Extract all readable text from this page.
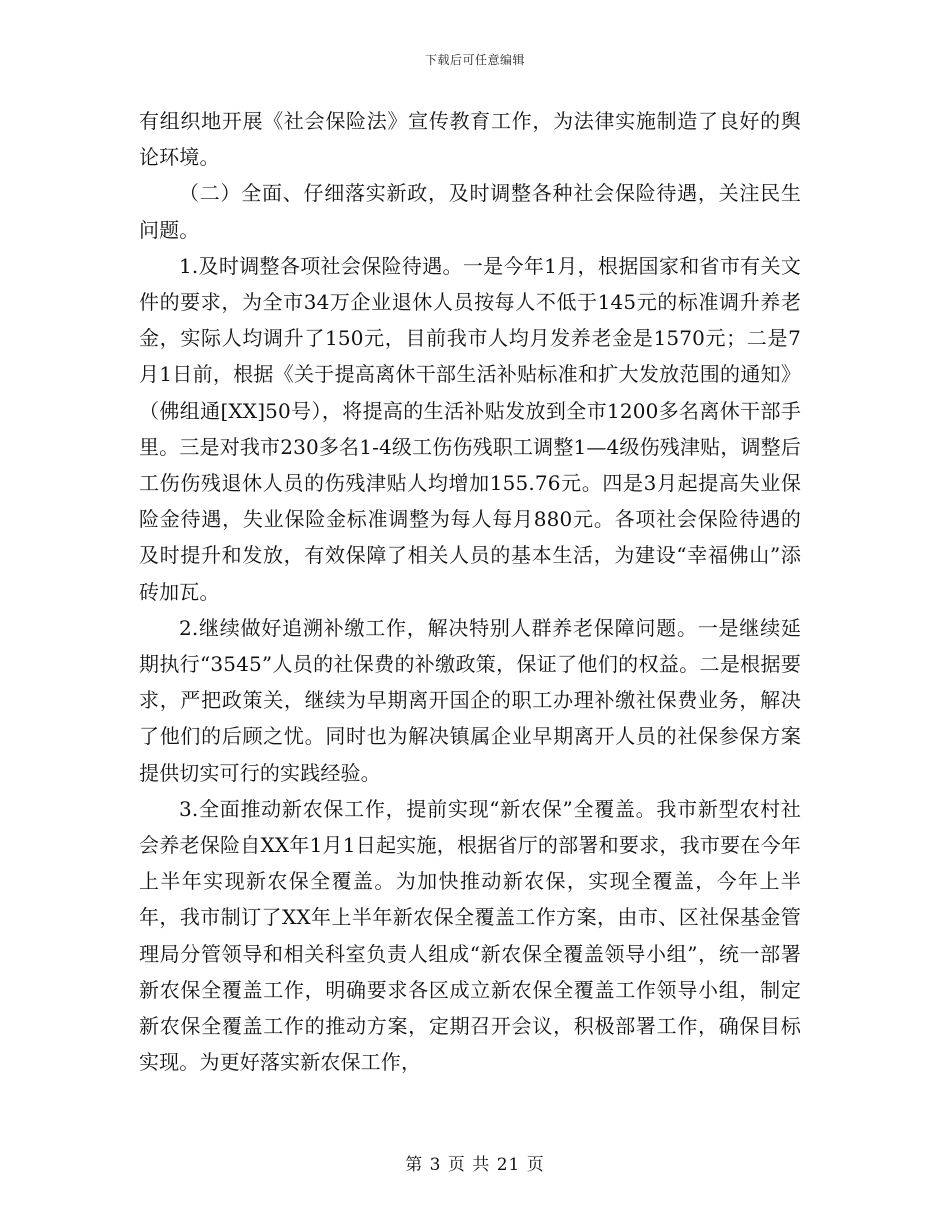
下载后可任意编辑

有组织地开展《社会保险法》宣传教育工作，为法律实施制造了良好的舆论环境。

（二）全面、仔细落实新政，及时调整各种社会保险待遇，关注民生问题。

1.及时调整各项社会保险待遇。一是今年1月，根据国家和省市有关文件的要求，为全市34万企业退休人员按每人不低于145元的标准调升养老金，实际人均调升了150元，目前我市人均月发养老金是1570元；二是7月1日前，根据《关于提高离休干部生活补贴标准和扩大发放范围的通知》（佛组通[XX]50号），将提高的生活补贴发放到全市1200多名离休干部手里。三是对我市230多名1-4级工伤伤残职工调整1—4级伤残津贴，调整后工伤伤残退休人员的伤残津贴人均增加155.76元。四是3月起提高失业保险金待遇，失业保险金标准调整为每人每月880元。各项社会保险待遇的及时提升和发放，有效保障了相关人员的基本生活，为建设“幸福佛山”添砖加瓦。

2.继续做好追溯补缴工作，解决特别人群养老保障问题。一是继续延期执行“3545”人员的社保费的补缴政策，保证了他们的权益。二是根据要求，严把政策关，继续为早期离开国企的职工办理补缴社保费业务，解决了他们的后顾之忧。同时也为解决镇属企业早期离开人员的社保参保方案提供切实可行的实践经验。

3.全面推动新农保工作，提前实现“新农保”全覆盖。我市新型农村社会养老保险自XX年1月1日起实施，根据省厅的部署和要求，我市要在今年上半年实现新农保全覆盖。为加快推动新农保，实现全覆盖，今年上半年，我市制订了XX年上半年新农保全覆盖工作方案，由市、区社保基金管理局分管领导和相关科室负责人组成“新农保全覆盖领导小组”，统一部署新农保全覆盖工作，明确要求各区成立新农保全覆盖工作领导小组，制定新农保全覆盖工作的推动方案，定期召开会议，积极部署工作，确保目标实现。为更好落实新农保工作，

第 3 页 共 21 页
